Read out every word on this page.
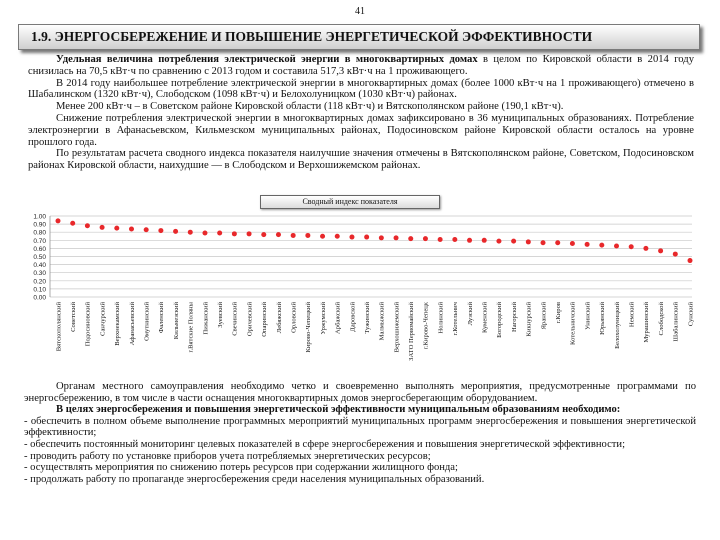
41
1.9. ЭНЕРГОСБЕРЕЖЕНИЕ И ПОВЫШЕНИЕ ЭНЕРГЕТИЧЕСКОЙ ЭФФЕКТИВНОСТИ

Удельная величина потребления электрической энергии в многоквартирных домах в целом по Кировской области в 2014 году снизилась на 70,5 кВт·ч по сравнению с 2013 годом и составила 517,3 кВт·ч на 1 проживающего.

В 2014 году наибольшее потребление электрической энергии в многоквартирных домах (более 1000 кВт·ч на 1 проживающего) отмечено в Шабалинском (1320 кВт·ч), Слободском (1098 кВт·ч) и Белохолуницком (1030 кВт·ч) районах.

Менее 200 кВт·ч – в Советском районе Кировской области (118 кВт·ч) и Вятскополянском районе (190,1 кВт·ч).

Снижение потребления электрической энергии в многоквартирных домах зафиксировано в 36 муниципальных образованиях. Потребление электроэнергии в Афанасьевском, Кильмезском муниципальных районах, Подосиновском районе Кировской области осталось на уровне прошлого года.

По результатам расчета сводного индекса показателя наилучшие значения отмечены в Вятскополянском районе, Советском, Подосиновском районах Кировской области, наихудшие — в Слободском и Верхошижемском районах.

0.00
0.10
0.20
0.30
0.40
0.50
0.60
0.70
0.80
0.90
1.00
Вятскополянский Советский Подосиновский Санчурский Верхнекамский Афанасьевский Омутнинский Фаленский Кильмезский г.Вятские Поляны Пижанский Зуевский Свечинский Оричевский Опаринский Лебяжский Орловский Кирово-Чепецкий Уржумский Арбажский Даровской Тужинский Малмыжский Верхошижемский ЗАТО Первомайский г.Кирово-Чепецк Нолинский г.Котельнич Лузский Куменский Богородский Нагорский Кикнурский Яранский г.Киров Котельничский Унинский Юрьянский Белохолуницкий Немский Мурашинский Слободской Шабалинский Сунский
Сводный индекс показателя

Органам местного самоуправления необходимо четко и своевременно выполнять мероприятия, предусмотренные программами по энергосбережению, в том числе в части оснащения многоквартирных домов энергосберегающим оборудованием.

В целях энергосбережения и повышения энергетической эффективности муниципальным образованиям необходимо:

- обеспечить в полном объеме выполнение программных мероприятий муниципальных программ энергосбережения и повышения энергетической эффективности;

- обеспечить постоянный мониторинг целевых показателей в сфере энергосбережения и повышения энергетической эффективности;

- проводить работу по установке приборов учета потребляемых энергетических ресурсов;

- осуществлять мероприятия по снижению потерь ресурсов при содержании жилищного фонда;

- продолжать работу по пропаганде энергосбережения среди населения муниципальных образований.
